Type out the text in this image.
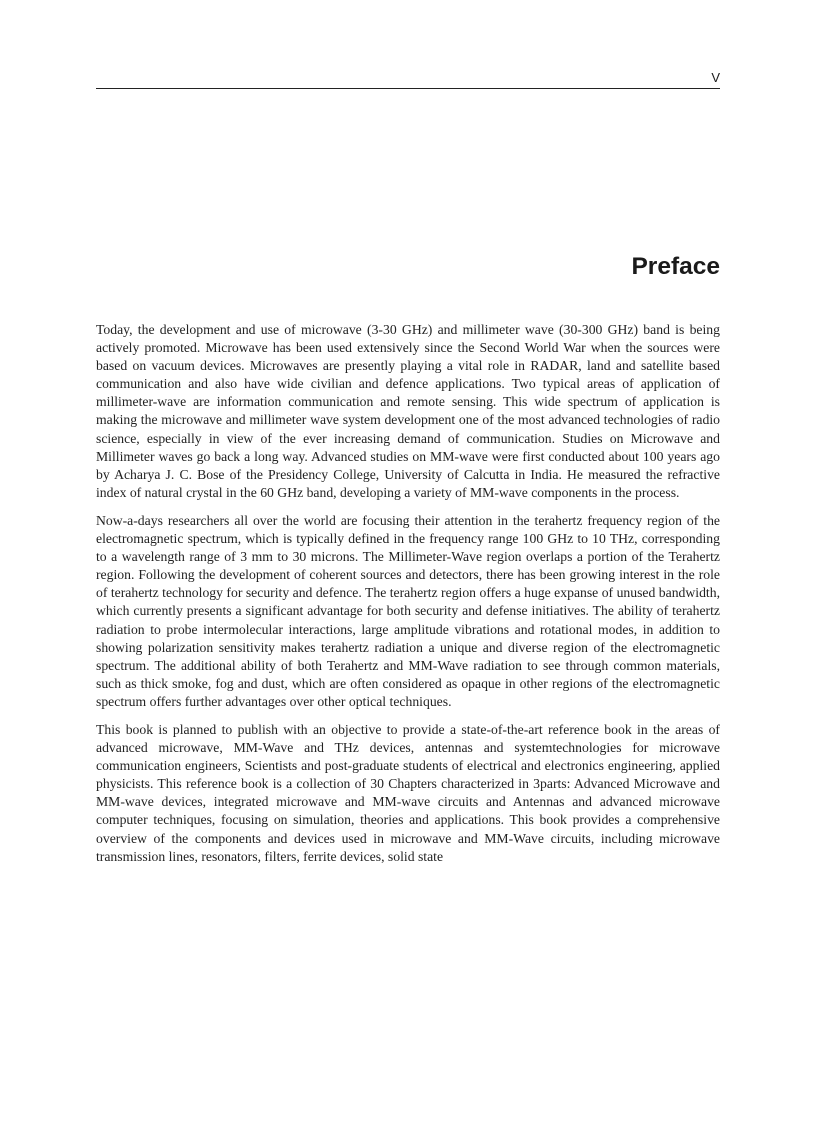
V
Preface

Today, the development and use of microwave (3-30 GHz) and millimeter wave (30-300 GHz) band is being actively promoted. Microwave has been used extensively since the Second World War when the sources were based on vacuum devices. Microwaves are presently playing a vital role in RADAR, land and satellite based communication and also have wide civilian and defence applications. Two typical areas of application of millimeter-wave are information communication and remote sensing. This wide spectrum of application is making the microwave and millimeter wave system development one of the most advanced technologies of radio science, especially in view of the ever increasing demand of communication. Studies on Microwave and Millimeter waves go back a long way. Advanced studies on MM-wave were first conducted about 100 years ago by Acharya J. C. Bose of the Presidency College, University of Calcutta in India. He measured the refractive index of natural crystal in the 60 GHz band, developing a variety of MM-wave components in the process.

Now-a-days researchers all over the world are focusing their attention in the terahertz frequency region of the electromagnetic spectrum, which is typically defined in the frequency range 100 GHz to 10 THz, corresponding to a wavelength range of 3 mm to 30 microns. The Millimeter-Wave region overlaps a portion of the Terahertz region. Following the development of coherent sources and detectors, there has been growing interest in the role of terahertz technology for security and defence. The terahertz region offers a huge expanse of unused bandwidth, which currently presents a significant advantage for both security and defense initiatives. The ability of terahertz radiation to probe intermolecular interactions, large amplitude vibrations and rotational modes, in addition to showing polarization sensitivity makes terahertz radiation a unique and diverse region of the electromagnetic spectrum. The additional ability of both Terahertz and MM-Wave radiation to see through common materials, such as thick smoke, fog and dust, which are often considered as opaque in other regions of the electromagnetic spectrum offers further advantages over other optical techniques.

This book is planned to publish with an objective to provide a state-of-the-art reference book in the areas of advanced microwave, MM-Wave and THz devices, antennas and systemtechnologies for microwave communication engineers, Scientists and post-graduate students of electrical and electronics engineering, applied physicists. This reference book is a collection of 30 Chapters characterized in 3parts: Advanced Microwave and MM-wave devices, integrated microwave and MM-wave circuits and Antennas and advanced microwave computer techniques, focusing on simulation, theories and applications. This book provides a comprehensive overview of the components and devices used in microwave and MM-Wave circuits, including microwave transmission lines, resonators, filters, ferrite devices, solid state
